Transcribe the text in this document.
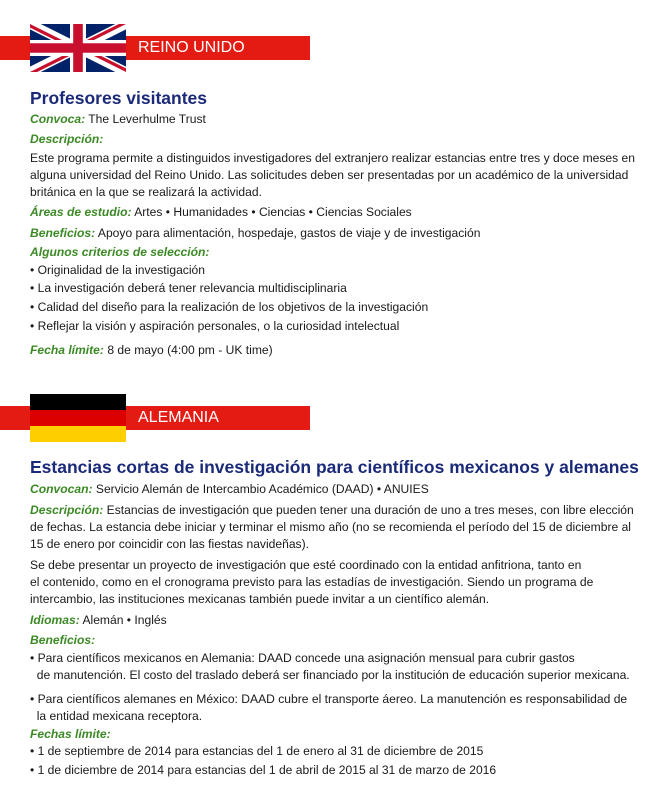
REINO UNIDO
Profesores visitantes
Convoca: The Leverhulme Trust
Descripción:
Este programa permite a distinguidos investigadores del extranjero realizar estancias entre tres y doce meses en
alguna universidad del Reino Unido. Las solicitudes deben ser presentadas por un académico de la universidad
británica en la que se realizará la actividad.
Áreas de estudio: Artes • Humanidades • Ciencias • Ciencias Sociales
Beneficios: Apoyo para alimentación, hospedaje, gastos de viaje y de investigación
Algunos criterios de selección:
• Originalidad de la investigación
• La investigación deberá tener relevancia multidisciplinaria
• Calidad del diseño para la realización de los objetivos de la investigación
• Reflejar la visión y aspiración personales, o la curiosidad intelectual
Fecha límite: 8 de mayo (4:00 pm - UK time)
ALEMANIA
Estancias cortas de investigación para científicos mexicanos y alemanes
Convocan: Servicio Alemán de Intercambio Académico (DAAD) • ANUIES
Descripción: Estancias de investigación que pueden tener una duración de uno a tres meses, con libre elección
de fechas. La estancia debe iniciar y terminar el mismo año (no se recomienda el período del 15 de diciembre al
15 de enero por coincidir con las fiestas navideñas).
Se debe presentar un proyecto de investigación que esté coordinado con la entidad anfitriona, tanto en
el contenido, como en el cronograma previsto para las estadías de investigación. Siendo un programa de
intercambio, las instituciones mexicanas también puede invitar a un científico alemán.
Idiomas: Alemán • Inglés
Beneficios:
• Para científicos mexicanos en Alemania: DAAD concede una asignación mensual para cubrir gastos
de manutención. El costo del traslado deberá ser financiado por la institución de educación superior mexicana.
• Para científicos alemanes en México: DAAD cubre el transporte áereo. La manutención es responsabilidad de
la entidad mexicana receptora.
Fechas límite:
• 1 de septiembre de 2014 para estancias del 1 de enero al 31 de diciembre de 2015
• 1 de diciembre de 2014 para estancias del 1 de abril de 2015 al 31 de marzo de 2016
